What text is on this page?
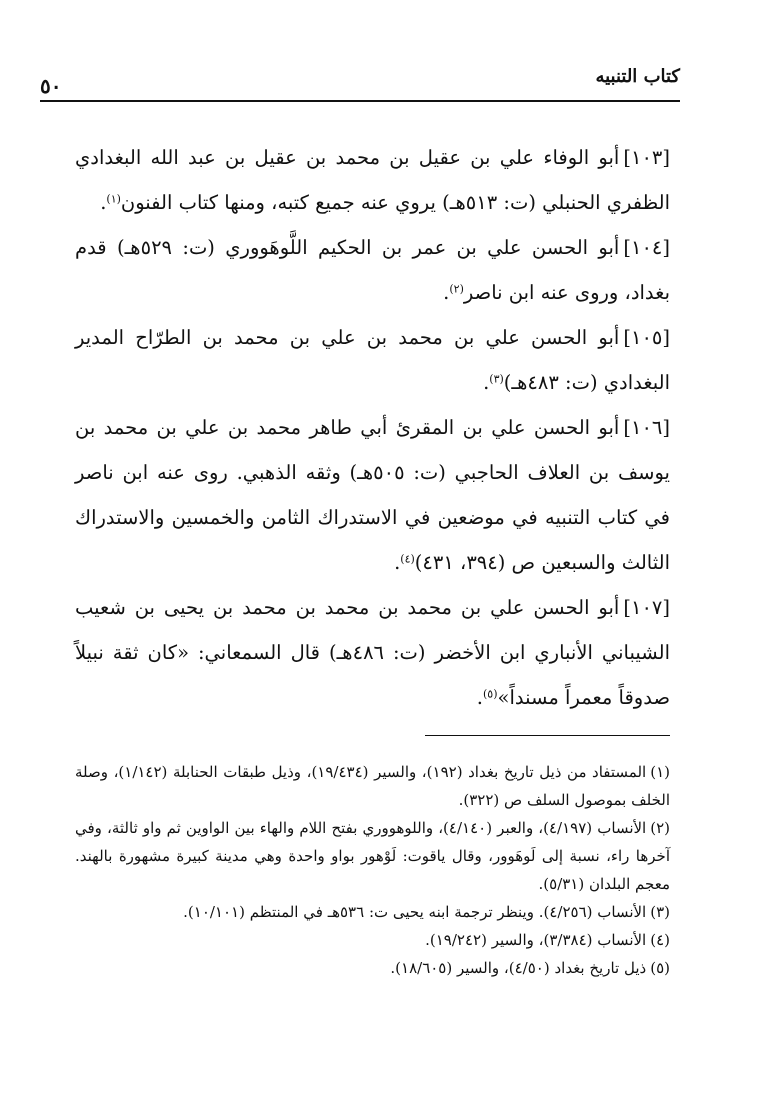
كتاب التنبيه
٥٠

[١٠٣]أبو الوفاء علي بن عقيل بن محمد بن عقيل بن عبد الله البغدادي الظفري الحنبلي (ت: ٥١٣هـ) يروي عنه جميع كتبه، ومنها كتاب الفنون$^{(١)}$.

[١٠٤]أبو الحسن علي بن عمر بن الحكيم اللَّوهَووري (ت: ٥٢٩هـ) قدم بغداد، وروى عنه ابن ناصر$^{(٢)}$.

[١٠٥]أبو الحسن علي بن محمد بن علي بن محمد بن الطرّاح المدير البغدادي (ت: ٤٨٣هـ)$^{(٣)}$.

[١٠٦]أبو الحسن علي بن المقرئ أبي طاهر محمد بن علي بن محمد بن يوسف بن العلاف الحاجبي (ت: ٥٠٥هـ) وثقه الذهبي. روى عنه ابن ناصر في كتاب التنبيه في موضعين في الاستدراك الثامن والخمسين والاستدراك الثالث والسبعين ص (٣٩٤، ٤٣١)$^{(٤)}$.

[١٠٧]أبو الحسن علي بن محمد بن محمد بن محمد بن يحيى بن شعيب الشيباني الأنباري ابن الأخضر (ت: ٤٨٦هـ) قال السمعاني: «كان ثقة نبيلاً صدوقاً معمراً مسنداً»$^{(٥)}$.

(١)المستفاد من ذيل تاريخ بغداد (١٩٢)، والسير (١٩/٤٣٤)، وذيل طبقات الحنابلة (١/١٤٢)، وصلة الخلف بموصول السلف ص (٣٢٢).

(٢)الأنساب (٤/١٩٧)، والعبر (٤/١٤٠)، واللوهووري بفتح اللام والهاء بين الواوين ثم واو ثالثة، وفي آخرها راء، نسبة إلى لَوهَوور، وقال ياقوت: لَوْهور بواو واحدة وهي مدينة كبيرة مشهورة بالهند. معجم البلدان (٥/٣١).

(٣)الأنساب (٤/٢٥٦). وينظر ترجمة ابنه يحيى ت: ٥٣٦هـ في المنتظم (١٠/١٠١).

(٤)الأنساب (٣/٣٨٤)، والسير (١٩/٢٤٢).

(٥)ذيل تاريخ بغداد (٤/٥٠)، والسير (١٨/٦٠٥).
